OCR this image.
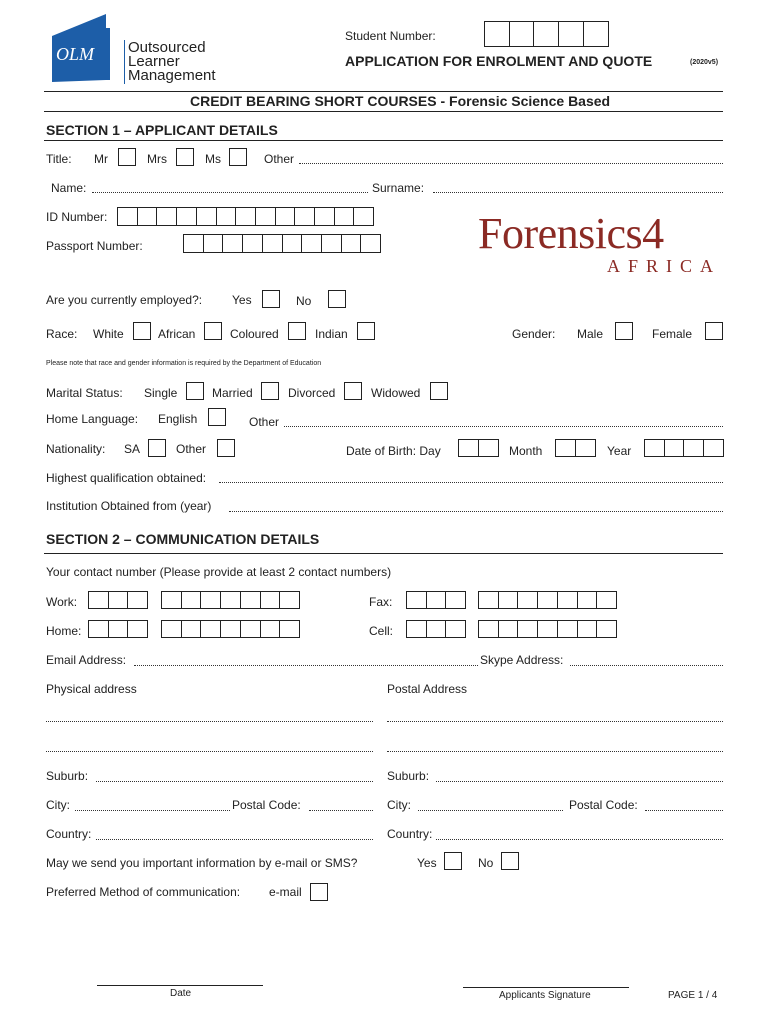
OLM Outsourced
Learner
Management
Student Number:
APPLICATION FOR ENROLMENT AND QUOTE	(2020v5)
CREDIT BEARING SHORT COURSES - Forensic Science Based
SECTION 1 – APPLICANT DETAILS
Title: Mr	Mrs	Ms	Other
Name:	Surname:
ID Number:
Passport Number:	Forensics4
AFRICA
Are you currently employed?: Yes	No
Race: White	African	Coloured	Indian	Gender: Male	Female
Please note that race and gender information is required by the Department of Education
Marital Status: Single	Married	Divorced	Widowed
Home Language: English	Other
Nationality: SA	Other	Date of Birth: Day	Month	Year
Highest qualification obtained:
Institution Obtained from (year)
SECTION 2 – COMMUNICATION DETAILS
Your contact number (Please provide at least 2 contact numbers)
Work:	Fax:
Home:	Cell:
Email Address:	Skype Address:
Physical address	Postal Address
Suburb:	Suburb:
City:	Postal Code:	City:	Postal Code:
Country:	Country:
May we send you important information by e-mail or SMS?	Yes	No
Preferred Method of communication: e-mail
Date	Applicants Signature	PAGE 1 / 4
